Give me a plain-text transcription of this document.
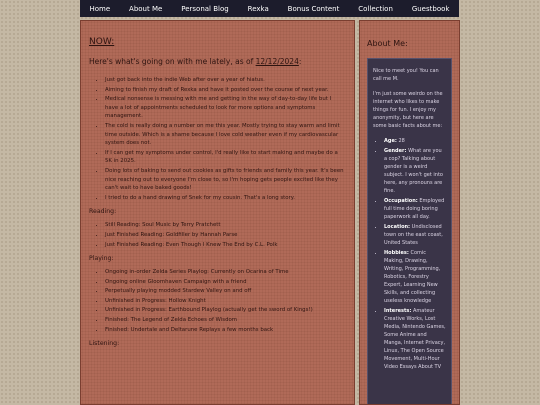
Home	About Me	Personal Blog	Rexka	Bonus Content	Collection	Guestbook
NOW:

Here's what's going on with me lately, as of 12/12/2024:

• Just got back into the indie Web after over a year of hiatus.
• Aiming to finish my draft of Rexka and have it posted over the course of next year.
• Medical nonsense is messing with me and getting in the way of day-to-day life but I have a lot of appointments scheduled to look for more options and symptoms management.
• The cold is really doing a number on me this year. Mostly trying to stay warm and limit time outside. Which is a shame because I love cold weather even if my cardiovascular system does not.
• If I can get my symptoms under control, I'd really like to start making and maybe do a 5K in 2025.
• Doing lots of baking to send out cookies as gifts to friends and family this year. It's been nice reaching out to everyone I'm close to, so I'm hoping gets people excited like they can't wait to have baked goods!
• I tried to do a hand drawing of Snek for my cousin. That's a long story.

Reading:

• Still Reading: Soul Music by Terry Pratchett
• Just Finished Reading: Goldfiller by Hannah Parse
• Just Finished Reading: Even Though I Knew The End by C.L. Polk

Playing:

• Ongoing in-order Zelda Series Playlog: Currently on Ocarina of Time
• Ongoing online Gloomhaven Campaign with a friend
• Perpetually playing modded Stardew Valley on and off
• Unfinished in Progress: Hollow Knight
• Unfinished in Progress: Earthbound Playlog (actually get the sword of Kings!)
• Finished: The Legend of Zelda Echoes of Wisdom
• Finished: Undertale and Deltarune Replays a few months back

Listening:

About Me:

Nice to meet you! You can call me M.

I'm just some weirdo on the internet who likes to make things for fun. I enjoy my anonymity, but here are some basic facts about me:

• Age: 28
• Gender: What are you a cop? Talking about gender is a weird subject. I won't get into here, any pronouns are fine.
• Occupation: Employed full time doing boring paperwork all day.
• Location: Undisclosed town on the east coast, United States
• Hobbies: Comic Making, Drawing, Writing, Programming, Robotics, Forestry Expert, Learning New Skills, and collecting useless knowledge
• Interests: Amateur Creative Works, Lost Media, Nintendo Games, Some Anime and Manga, Internet Privacy, Linux, The Open Source Movement, Multi-Hour Video Essays About TV
